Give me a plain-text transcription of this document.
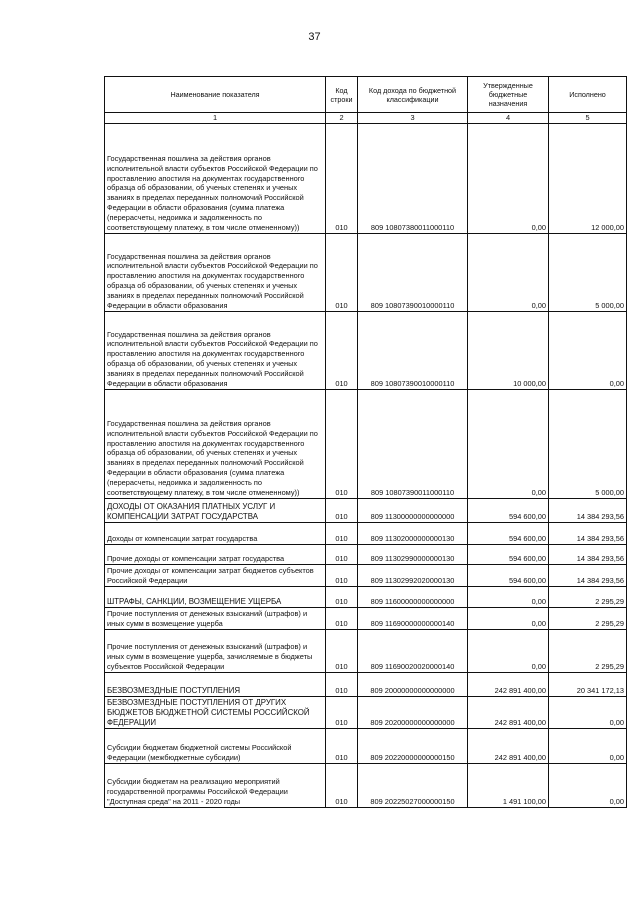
37
Наименование показателя	Код строки	Код дохода по бюджетной классификации	Утвержденные бюджетные назначения	Исполнено
1	2	3	4	5
Государственная пошлина за действия органов исполнительной власти субъектов Российской Федерации по проставлению апостиля на документах государственного образца об образовании, об ученых степенях и ученых званиях в пределах переданных полномочий Российской Федерации в области образования (сумма платежа (перерасчеты, недоимка и задолженность по соответствующему платежу, в том числе отмененному))	010	809 10807380011000110	0,00	12 000,00
Государственная пошлина за действия органов исполнительной власти субъектов Российской Федерации по проставлению апостиля на документах государственного образца об образовании, об ученых степенях и ученых званиях в пределах переданных полномочий Российской Федерации в области образования	010	809 10807390010000110	0,00	5 000,00
Государственная пошлина за действия органов исполнительной власти субъектов Российской Федерации по проставлению апостиля на документах государственного образца об образовании, об ученых степенях и ученых званиях в пределах переданных полномочий Российской Федерации в области образования	010	809 10807390010000110	10 000,00	0,00
Государственная пошлина за действия органов исполнительной власти субъектов Российской Федерации по проставлению апостиля на документах государственного образца об образовании, об ученых степенях и ученых званиях в пределах переданных полномочий Российской Федерации в области образования (сумма платежа (перерасчеты, недоимка и задолженность по соответствующему платежу, в том числе отмененному))	010	809 10807390011000110	0,00	5 000,00
ДОХОДЫ ОТ ОКАЗАНИЯ ПЛАТНЫХ УСЛУГ И КОМПЕНСАЦИИ ЗАТРАТ ГОСУДАРСТВА	010	809 11300000000000000	594 600,00	14 384 293,56
Доходы от компенсации затрат государства	010	809 11302000000000130	594 600,00	14 384 293,56
Прочие доходы от компенсации затрат государства	010	809 11302990000000130	594 600,00	14 384 293,56
Прочие доходы от компенсации затрат бюджетов субъектов Российской Федерации	010	809 11302992020000130	594 600,00	14 384 293,56
ШТРАФЫ, САНКЦИИ, ВОЗМЕЩЕНИЕ УЩЕРБА	010	809 11600000000000000	0,00	2 295,29
Прочие поступления от денежных взысканий (штрафов) и иных сумм в возмещение ущерба	010	809 11690000000000140	0,00	2 295,29
Прочие поступления от денежных взысканий (штрафов) и иных сумм в возмещение ущерба, зачисляемые в бюджеты субъектов Российской Федерации	010	809 11690020020000140	0,00	2 295,29
БЕЗВОЗМЕЗДНЫЕ ПОСТУПЛЕНИЯ	010	809 20000000000000000	242 891 400,00	20 341 172,13
БЕЗВОЗМЕЗДНЫЕ ПОСТУПЛЕНИЯ ОТ ДРУГИХ БЮДЖЕТОВ БЮДЖЕТНОЙ СИСТЕМЫ РОССИЙСКОЙ ФЕДЕРАЦИИ	010	809 20200000000000000	242 891 400,00	0,00
Субсидии бюджетам бюджетной системы Российской Федерации (межбюджетные субсидии)	010	809 20220000000000150	242 891 400,00	0,00
Субсидии бюджетам на реализацию мероприятий государственной программы Российской Федерации "Доступная среда" на 2011 - 2020 годы	010	809 20225027000000150	1 491 100,00	0,00
